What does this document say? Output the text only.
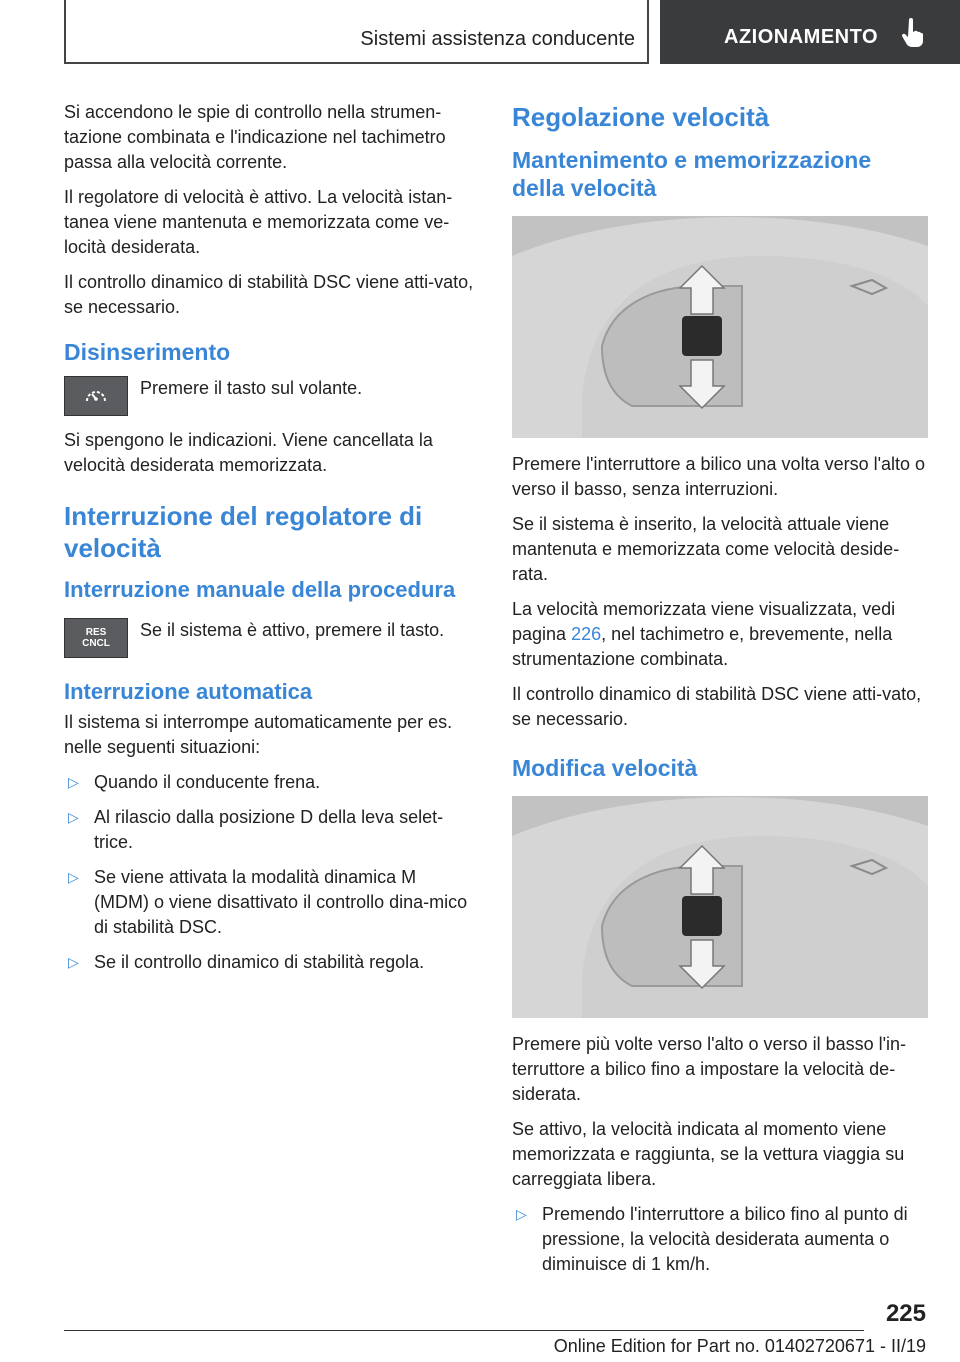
Sistemi assistenza conducente	AZIONAMENTO

Si accendono le spie di controllo nella strumen-tazione combinata e l'indicazione nel tachimetro passa alla velocità corrente.

Il regolatore di velocità è attivo. La velocità istan-tanea viene mantenuta e memorizzata come ve-locità desiderata.

Il controllo dinamico di stabilità DSC viene atti-vato, se necessario.

Disinserimento
Premere il tasto sul volante.

Si spengono le indicazioni. Viene cancellata la velocità desiderata memorizzata.

Interruzione del regolatore di velocità
Interruzione manuale della procedura
RES
CNCL
Se il sistema è attivo, premere il tasto.
Interruzione automatica

Il sistema si interrompe automaticamente per es. nelle seguenti situazioni:

▷ Quando il conducente frena.
▷ Al rilascio dalla posizione D della leva selet-trice.
▷ Se viene attivata la modalità dinamica M (MDM) o viene disattivato il controllo dina-mico di stabilità DSC.
▷ Se il controllo dinamico di stabilità regola.
Regolazione velocità
Mantenimento e memorizzazione della velocità

Premere l'interruttore a bilico una volta verso l'alto o verso il basso, senza interruzioni.

Se il sistema è inserito, la velocità attuale viene mantenuta e memorizzata come velocità deside-rata.

La velocità memorizzata viene visualizzata, vedi pagina 226, nel tachimetro e, brevemente, nella strumentazione combinata.

Il controllo dinamico di stabilità DSC viene atti-vato, se necessario.

Modifica velocità

Premere più volte verso l'alto o verso il basso l'in-terruttore a bilico fino a impostare la velocità de-siderata.

Se attivo, la velocità indicata al momento viene memorizzata e raggiunta, se la vettura viaggia su carreggiata libera.

▷ Premendo l'interruttore a bilico fino al punto di pressione, la velocità desiderata aumenta o diminuisce di 1 km/h.
225
Online Edition for Part no. 01402720671 - II/19
